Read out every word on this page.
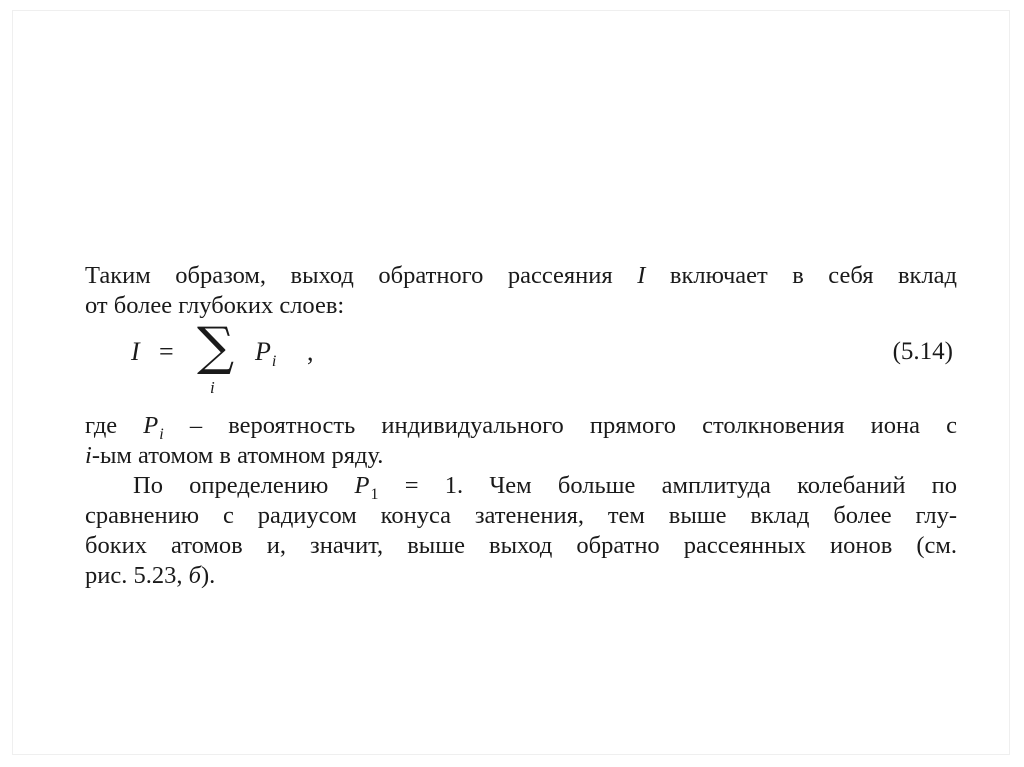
Таким образом, выход обратного рассеяния I включает в себя вклад
от более глубоких слоев:
I = ∑
i
$P_i$ ,	(5.14)
где $P_i$ – вероятность индивидуального прямого столкновения иона с
i-ым атомом в атомном ряду.
По определению $P_1 = 1$. Чем больше амплитуда колебаний по
сравнению с радиусом конуса затенения, тем выше вклад более глу-
боких атомов и, значит, выше выход обратно рассеянных ионов (см.
рис. 5.23, б).
